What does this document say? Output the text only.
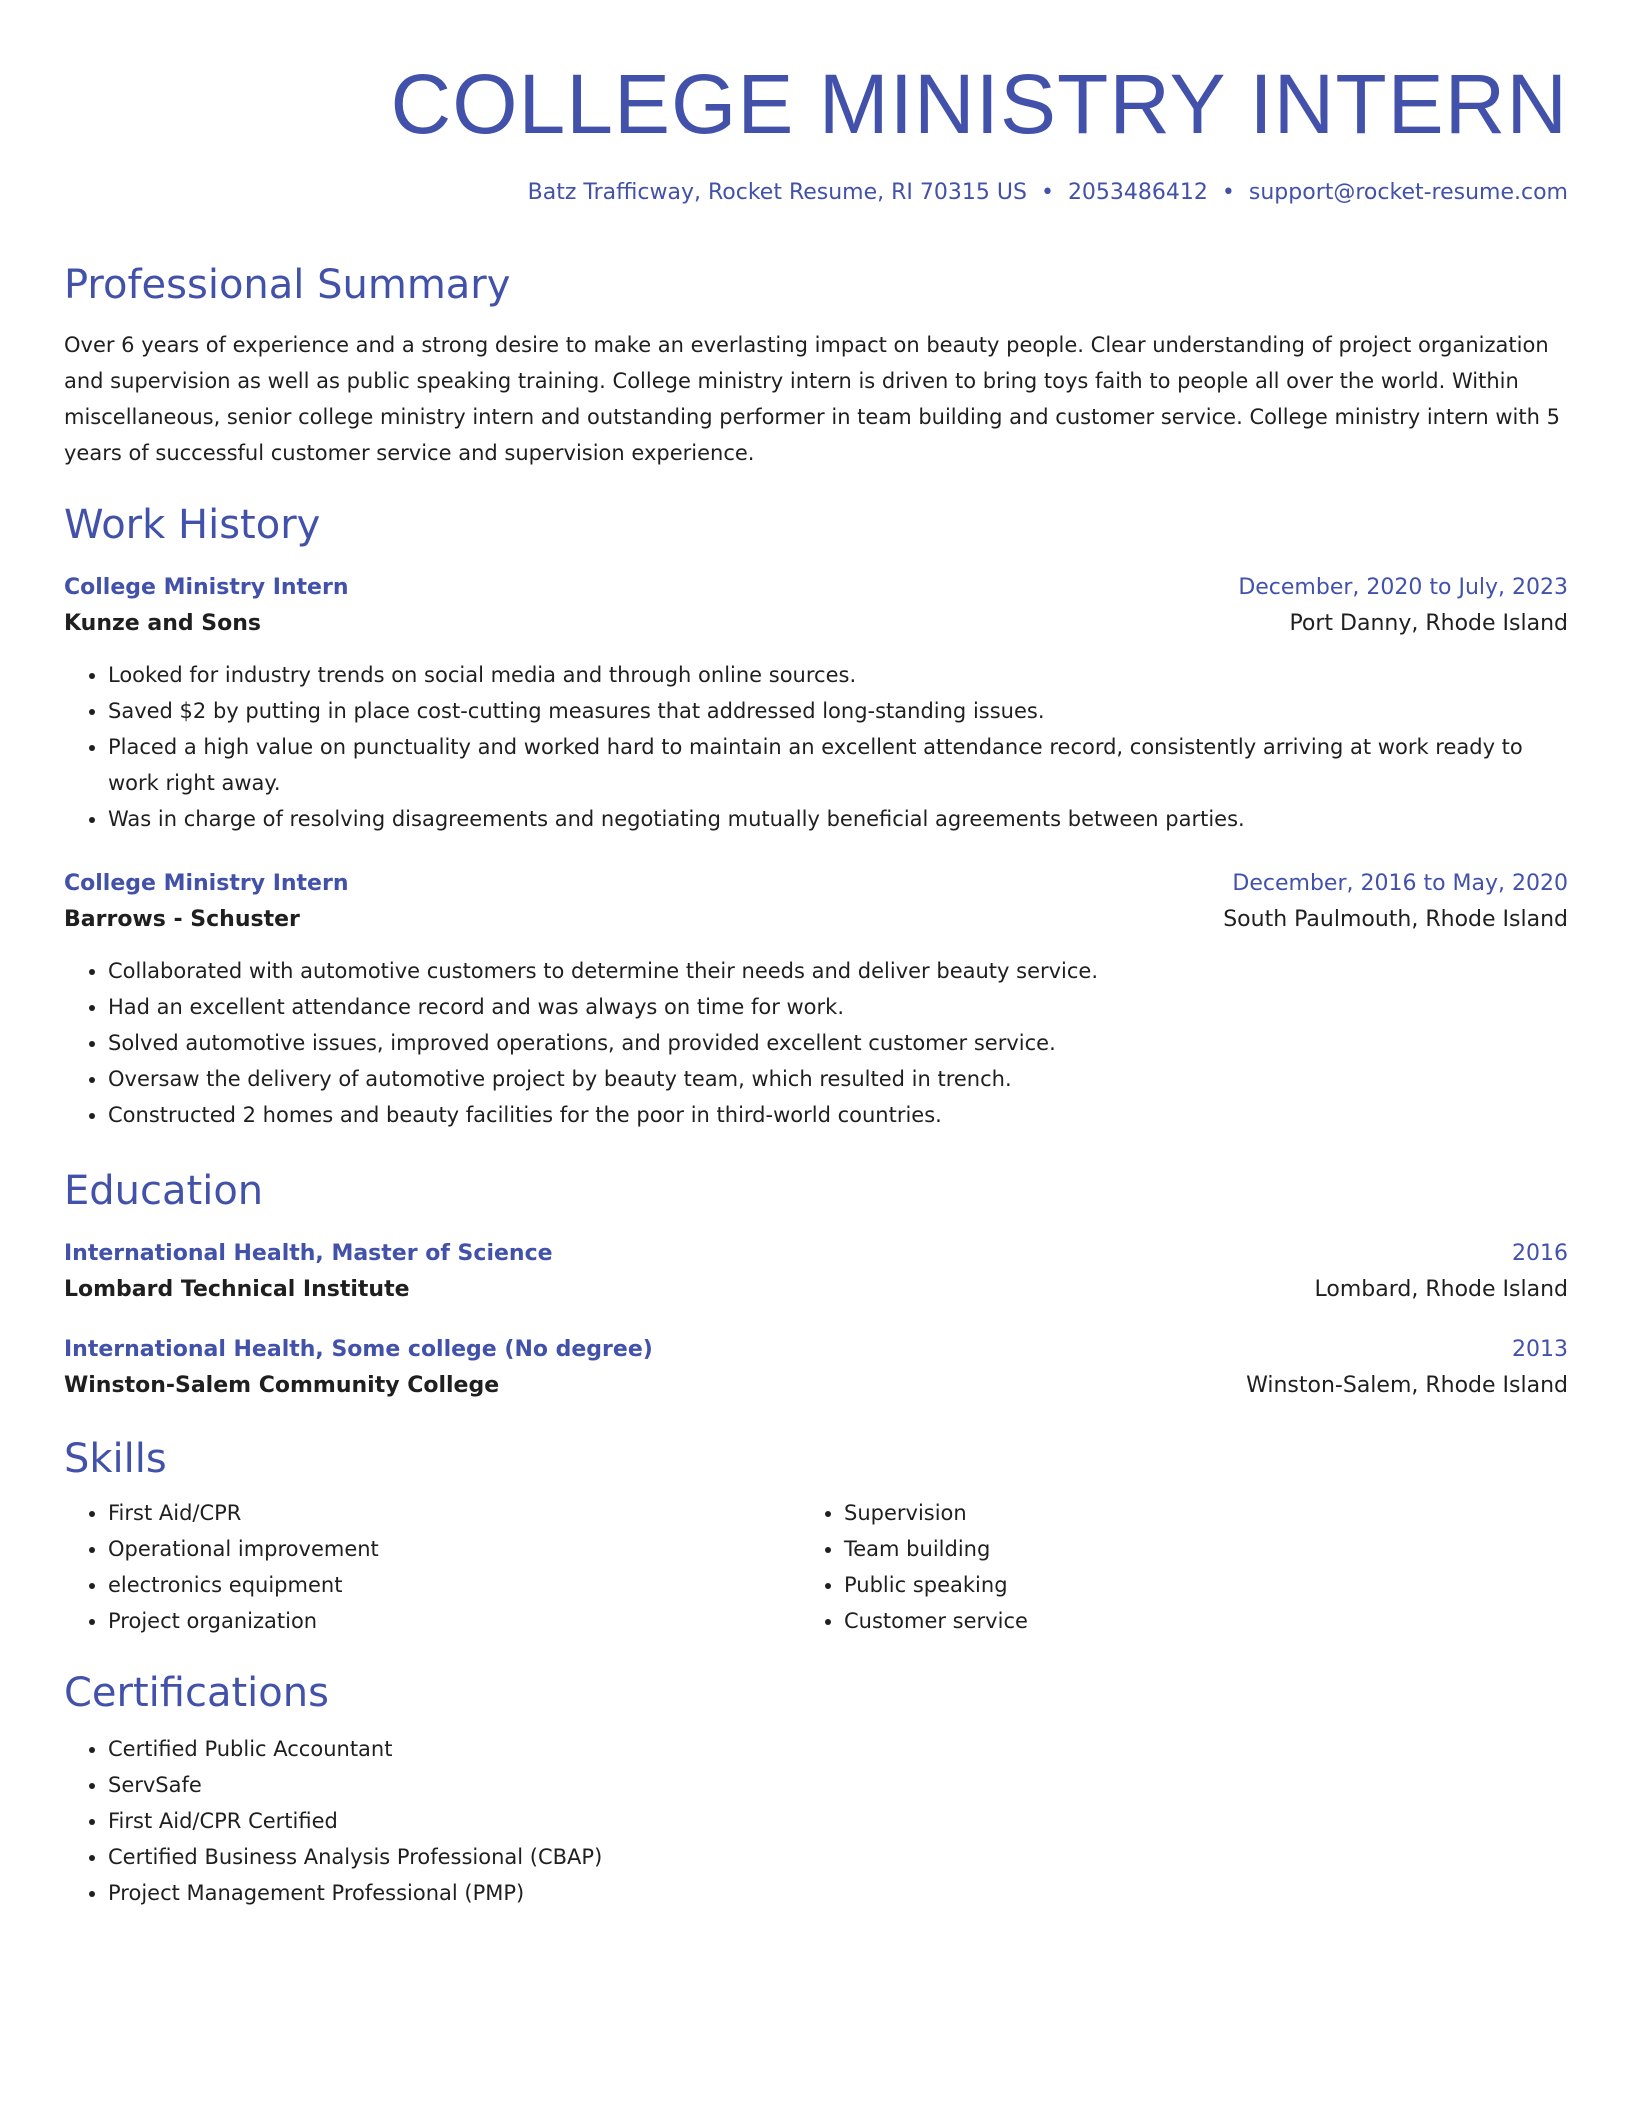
COLLEGE MINISTRY INTERN
Batz Trafficway, Rocket Resume, RI 70315 US • 2053486412 • support@rocket-resume.com
Professional Summary
Over 6 years of experience and a strong desire to make an everlasting impact on beauty people. Clear understanding of project organization and supervision as well as public speaking training. College ministry intern is driven to bring toys faith to people all over the world. Within miscellaneous, senior college ministry intern and outstanding performer in team building and customer service. College ministry intern with 5 years of successful customer service and supervision experience.
Work History
College Ministry Intern	December, 2020 to July, 2023
Kunze and Sons	Port Danny, Rhode Island
• Looked for industry trends on social media and through online sources.
• Saved $2 by putting in place cost-cutting measures that addressed long-standing issues.
• Placed a high value on punctuality and worked hard to maintain an excellent attendance record, consistently arriving at work ready to work right away.
• Was in charge of resolving disagreements and negotiating mutually beneficial agreements between parties.
College Ministry Intern	December, 2016 to May, 2020
Barrows - Schuster	South Paulmouth, Rhode Island
• Collaborated with automotive customers to determine their needs and deliver beauty service.
• Had an excellent attendance record and was always on time for work.
• Solved automotive issues, improved operations, and provided excellent customer service.
• Oversaw the delivery of automotive project by beauty team, which resulted in trench.
• Constructed 2 homes and beauty facilities for the poor in third-world countries.
Education
International Health, Master of Science	2016
Lombard Technical Institute	Lombard, Rhode Island
International Health, Some college (No degree)	2013
Winston-Salem Community College	Winston-Salem, Rhode Island
Skills
• First Aid/CPR
• Operational improvement
• electronics equipment
• Project organization
• Supervision
• Team building
• Public speaking
• Customer service
Certifications
• Certified Public Accountant
• ServSafe
• First Aid/CPR Certified
• Certified Business Analysis Professional (CBAP)
• Project Management Professional (PMP)
